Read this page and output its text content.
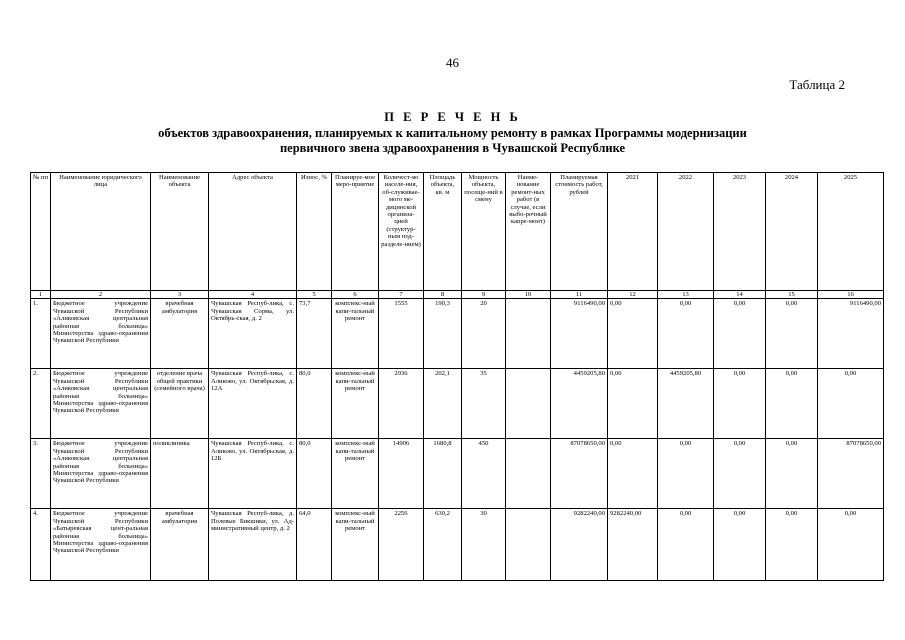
46
Таблица 2
П Е Р Е Ч Е Н Ь
объектов здравоохранения, планируемых к капитальному ремонту в рамках Программы модернизации
первичного звена здравоохранения в Чувашской Республике
№ пп	Наименование юридического лица	Наименование объекта	Адрес объекта	Износ, %	Планируе-мое меро-приятие	Количест-во населе-ния, об-служивае-мого ме-дицинской организа-цией (структур-ным под-разделе-нием)	Площадь объекта, кв. м	Мощность объекта, посеще-ний в смену	Наиме-нование ремонт-ных работ (в случае, если выбо-рочный капре-монт)	Планируемая стоимость работ, рублей	2021	2022	2023	2024	2025
1	2	3	4	5	6	7	8	9	10	11	12	13	14	15	16
1.	Бюджетное учреждение Чувашской Республики «Аликовская центральная районная больница» Министерства здраво-охранения Чувашской Республики	врачебная амбулатория	Чувашская Респуб-лика, с. Чувашская Сорма, ул. Октябрь-ская, д. 2	73,7	комплекс-ный капи-тальный ремонт	1555	190,3	20		9116490,00	0,00	0,00	0,00	0,00	9116490,00
2.	Бюджетное учреждение Чувашской Республики «Аликовская центральная районная больница» Министерства здраво-охранения Чувашской Республики	отделение врача общей практики (семейного врача)	Чувашская Респуб-лика, с. Аликово, ул. Октябрьская, д. 12А	80,0	комплекс-ный капи-тальный ремонт	2936	202,1	35		4459205,80	0,00	4459205,80	0,00	0,00	0,00
3.	Бюджетное учреждение Чувашской Республики «Аликовская центральная районная больница» Министерства здраво-охранения Чувашской Республики	поликлиника	Чувашская Респуб-лика, с. Аликово, ул. Октябрьская, д. 12Б	80,0	комплекс-ный капи-тальный ремонт	14906	1680,8	450		87078650,00	0,00	0,00	0,00	0,00	87078650,00
4.	Бюджетное учреждение Чувашской Республики «Батыревская цент-ральная районная больница» Министерства здраво-охранения Чувашской Республики	врачебная амбулатория	Чувашская Респуб-лика, д. Полевые Бикшики, ул. Ад-министративный центр, д. 2	64,0	комплекс-ный капи-тальный ремонт	2256	630,2	30		9282240,00	9282240,00	0,00	0,00	0,00	0,00
